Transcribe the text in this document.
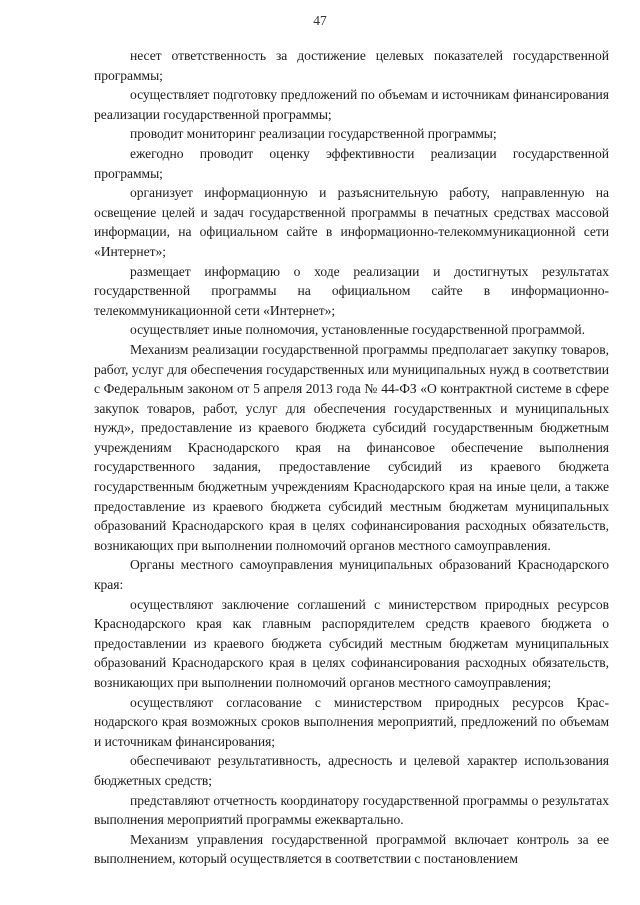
47

несет ответственность за достижение целевых показателей государственной программы;

осуществляет подготовку предложений по объемам и источникам финансирования реализации государственной программы;

проводит мониторинг реализации государственной программы;

ежегодно проводит оценку эффективности реализации государственной программы;

организует информационную и разъяснительную работу, направленную на освещение целей и задач государственной программы в печатных средствах массовой информации, на официальном сайте в информационно-телекоммуникационной сети «Интернет»;

размещает информацию о ходе реализации и достигнутых результатах государственной программы на официальном сайте в информационно-телекоммуникационной сети «Интернет»;

осуществляет иные полномочия, установленные государственной программой.

Механизм реализации государственной программы предполагает закупку товаров, работ, услуг для обеспечения государственных или муниципальных нужд в соответствии с Федеральным законом от 5 апреля 2013 года № 44-ФЗ «О контрактной системе в сфере закупок товаров, работ, услуг для обеспечения государственных и муниципальных нужд», предоставление из краевого бюджета субсидий государственным бюджетным учреждениям Краснодарского края на финансовое обеспечение выполнения государственного задания, предоставление субсидий из краевого бюджета государственным бюджетным учреждениям Краснодарского края на иные цели, а также предоставление из краевого бюджета субсидий местным бюджетам муниципальных образований Краснодарского края в целях софинансирования расходных обязательств, возникающих при выполнении полномочий органов местного самоуправления.

Органы местного самоуправления муниципальных образований Краснодарского края:

осуществляют заключение соглашений с министерством природных ресурсов Краснодарского края как главным распорядителем средств краевого бюджета о предоставлении из краевого бюджета субсидий местным бюджетам муниципальных образований Краснодарского края в целях софинансирования расходных обязательств, возникающих при выполнении полномочий органов местного самоуправления;

осуществляют согласование с министерством природных ресурсов Краснодарского края возможных сроков выполнения мероприятий, предложений по объемам и источникам финансирования;

обеспечивают результативность, адресность и целевой характер использования бюджетных средств;

представляют отчетность координатору государственной программы о результатах выполнения мероприятий программы ежеквартально.

Механизм управления государственной программой включает контроль за ее выполнением, который осуществляется в соответствии с постановлением
